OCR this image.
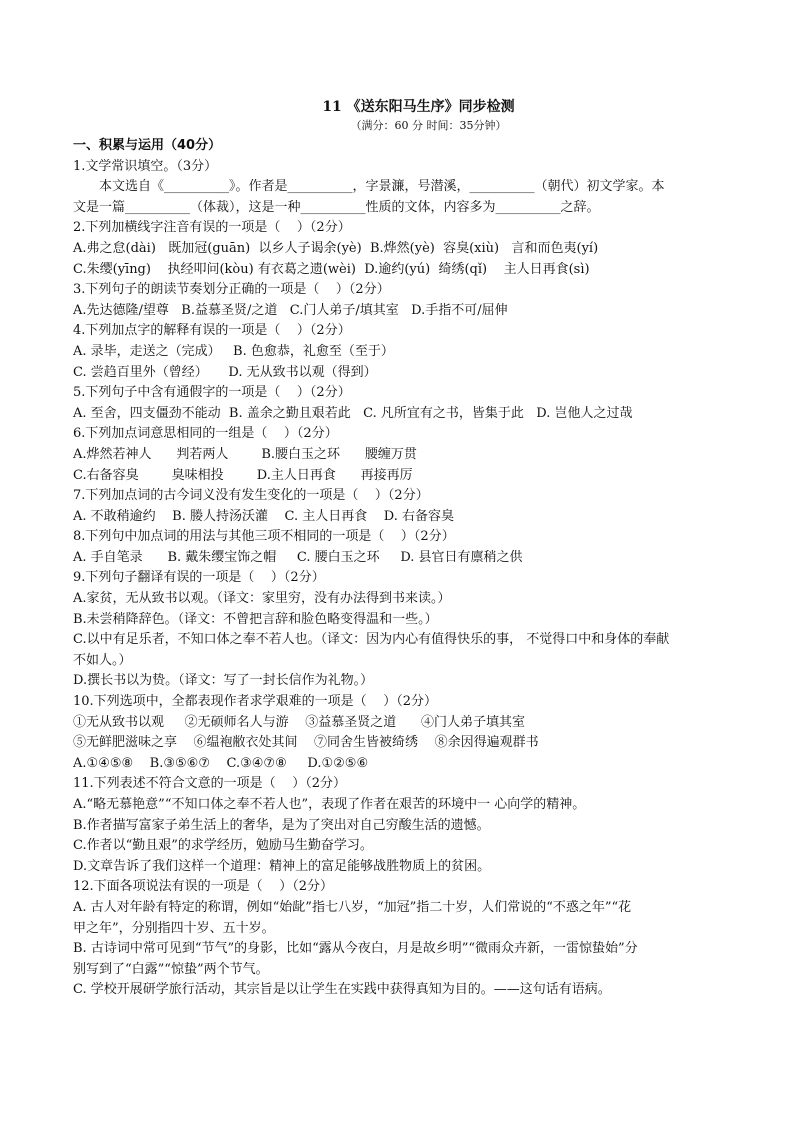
11 《送东阳马生序》同步检测
（满分：60 分 时间：35分钟）
一、积累与运用（40分）
1.文学常识填空。（3分）
本文选自《__________》。作者是__________，字景濂，号潜溪，__________（朝代）初文学家。本
文是一篇__________（体裁），这是一种__________性质的文体，内容多为__________之辞。
2.下列加横线字注音有误的一项是（    ）（2分）
A.弗之怠(dài)   既加冠(guān)  以乡人子谒余(yè)  B.烨然(yè)  容臭(xiù)   言和而色夷(yí)
C.朱缨(yīng)    执经叩问(kòu) 有衣葛之遗(wèi)  D.逾约(yú)  绮绣(qǐ)    主人日再食(sì)
3.下列句子的朗读节奏划分正确的一项是（    ）（2分）
A.先达德隆/望尊   B.益慕圣贤/之道   C.门人弟子/填其室   D.手指不可/屈伸
4.下列加点字的解释有误的一项是（    ）（2分）
A. 录毕，走送之（完成）   B. 色愈恭，礼愈至（至于）
C. 尝趋百里外（曾经）     D. 无从致书以观（得到）
5.下列句子中含有通假字的一项是（    ）（2分）
A. 至舍，四支僵劲不能动  B. 盖余之勤且艰若此   C. 凡所宜有之书，皆集于此   D. 岂他人之过哉
6.下列加点词意思相同的一组是（    ）（2分）
A.烨然若神人      判若两人        B.腰白玉之环      腰缠万贯
C.右备容臭        臭味相投        D.主人日再食      再接再厉
7.下列加点词的古今词义没有发生变化的一项是（    ）（2分）
A. 不敢稍逾约    B. 媵人持汤沃灌    C. 主人日再食    D. 右备容臭
8.下列句中加点词的用法与其他三项不相同的一项是（    ）（2分）
A. 手自笔录      B. 戴朱缨宝饰之帽     C. 腰白玉之环     D. 县官日有廪稍之供
9.下列句子翻译有误的一项是（    ）（2分）
A.家贫，无从致书以观。（译文：家里穷，没有办法得到书来读。）
B.未尝稍降辞色。（译文：不曾把言辞和脸色略变得温和一些。）
C.以中有足乐者，不知口体之奉不若人也。（译文：因为内心有值得快乐的事， 不觉得口中和身体的奉献
不如人。）
D.撰长书以为贽。（译文：写了一封长信作为礼物。）
10.下列选项中，全都表现作者求学艰难的一项是（    ）（2分）
①无从致书以观     ②无硕师名人与游    ③益慕圣贤之道      ④门人弟子填其室
⑤无鲜肥滋味之享    ⑥缊袍敝衣处其间    ⑦同舍生皆被绮绣    ⑧余因得遍观群书
A.①④⑤⑧    B.③⑤⑥⑦    C.③④⑦⑧     D.①②⑤⑥
11.下列表述不符合文意的一项是（    ）（2分）
A.“略无慕艳意”“不知口体之奉不若人也”，表现了作者在艰苦的环境中一 心向学的精神。
B.作者描写富家子弟生活上的奢华，是为了突出对自己穷酸生活的遗憾。
C.作者以“勤且艰”的求学经历，勉励马生勤奋学习。
D.文章告诉了我们这样一个道理：精神上的富足能够战胜物质上的贫困。
12.下面各项说法有误的一项是（    ）（2分）
A. 古人对年龄有特定的称谓，例如“始龀”指七八岁，“加冠”指二十岁，人们常说的“不惑之年”“花
甲之年”，分别指四十岁、五十岁。
B. 古诗词中常可见到“节气”的身影，比如“露从今夜白，月是故乡明”“微雨众卉新，一雷惊蛰始”分
别写到了“白露”“惊蛰”两个节气。
C. 学校开展研学旅行活动，其宗旨是以让学生在实践中获得真知为目的。——这句话有语病。
